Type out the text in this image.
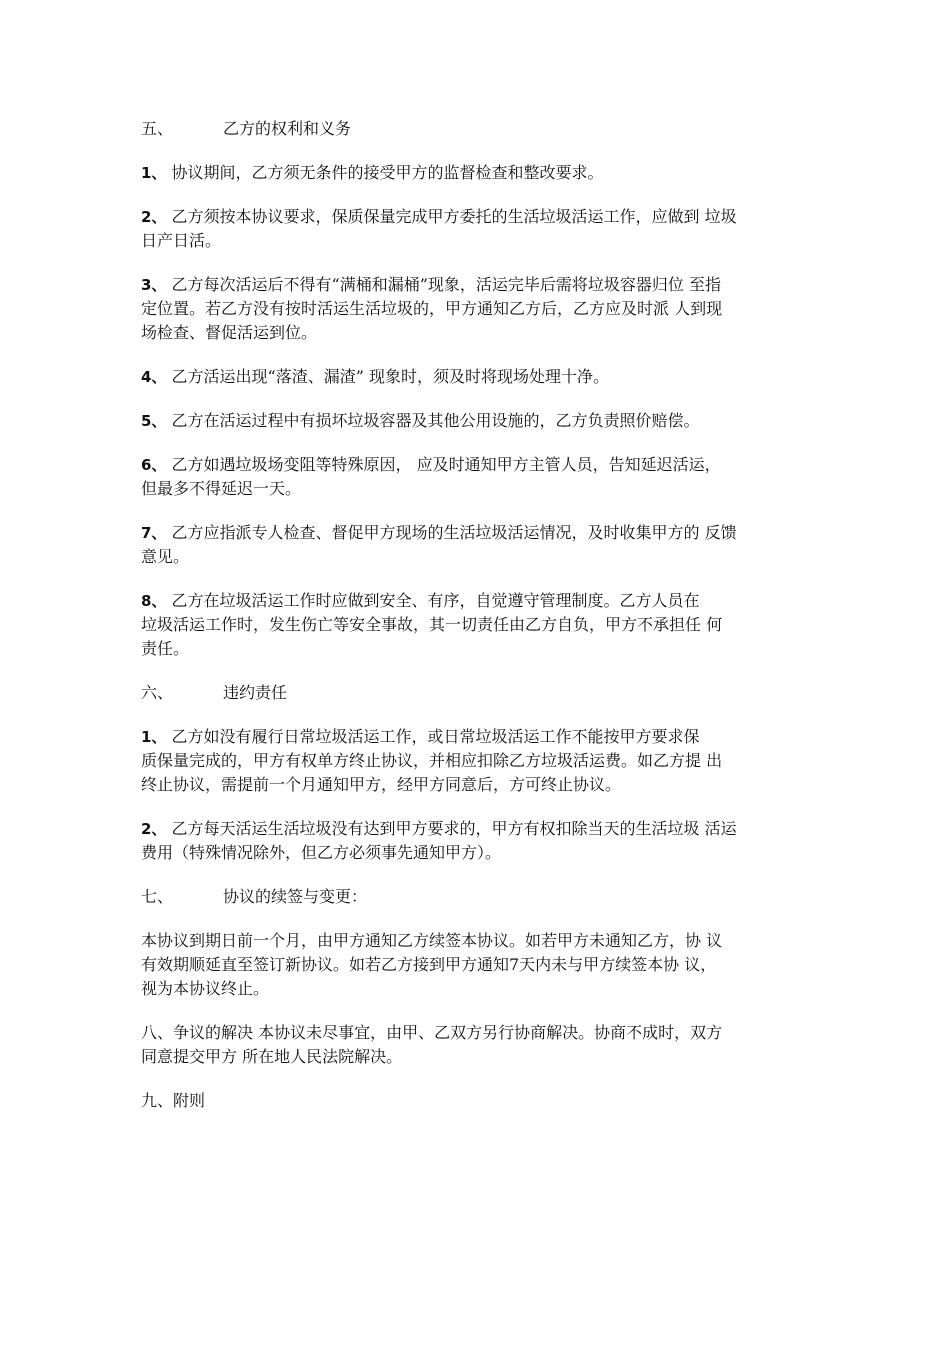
五、	乙方的权利和义务
1、 协议期间，乙方须无条件的接受甲方的监督检查和整改要求。
2、 乙方须按本协议要求，保质保量完成甲方委托的生活垃圾活运工作，应做到 垃圾
日产日活。
3、 乙方每次活运后不得有“满桶和漏桶”现象，活运完毕后需将垃圾容器归位 至指
定位置。若乙方没有按时活运生活垃圾的，甲方通知乙方后，乙方应及时派 人到现
场检查、督促活运到位。
4、 乙方活运出现“落渣、漏渣” 现象时，须及时将现场处理十净。
5、 乙方在活运过程中有损坏垃圾容器及其他公用设施的，乙方负责照价赔偿。
6、 乙方如遇垃圾场变阻等特殊原因， 应及时通知甲方主管人员，告知延迟活运，
但最多不得延迟一天。
7、 乙方应指派专人检查、督促甲方现场的生活垃圾活运情况，及时收集甲方的 反馈
意见。
8、 乙方在垃圾活运工作时应做到安全、有序，自觉遵守管理制度。乙方人员在
垃圾活运工作时，发生伤亡等安全事故，其一切责任由乙方自负，甲方不承担任 何
责任。
六、	违约责任
1、 乙方如没有履行日常垃圾活运工作，或日常垃圾活运工作不能按甲方要求保
质保量完成的，甲方有权单方终止协议，并相应扣除乙方垃圾活运费。如乙方提 出
终止协议，需提前一个月通知甲方，经甲方同意后，方可终止协议。
2、 乙方每天活运生活垃圾没有达到甲方要求的，甲方有权扣除当天的生活垃圾 活运
费用（特殊情况除外，但乙方必须事先通知甲方）。
七、	协议的续签与变更：
本协议到期日前一个月，由甲方通知乙方续签本协议。如若甲方未通知乙方，协 议
有效期顺延直至签订新协议。如若乙方接到甲方通知7天内未与甲方续签本协 议，
视为本协议终止。
八、争议的解决 本协议未尽事宜，由甲、乙双方另行协商解决。协商不成时，双方
同意提交甲方 所在地人民法院解决。
九、附则
